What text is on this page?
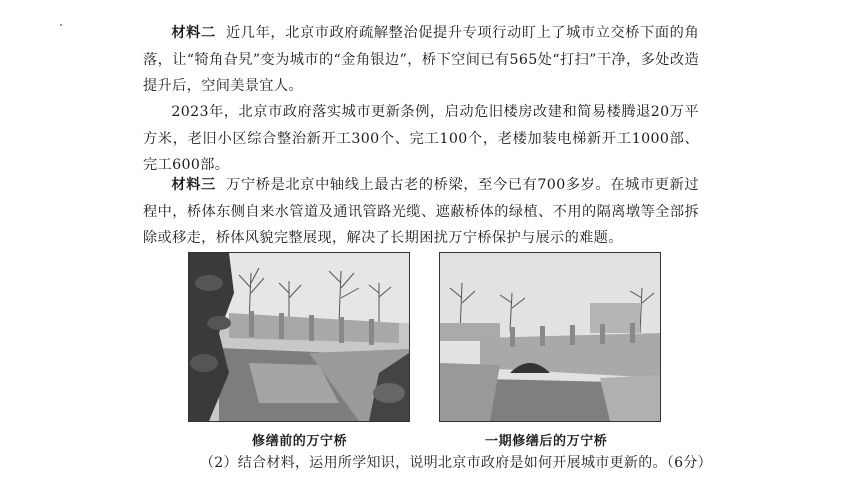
材料二 近几年，北京市政府疏解整治促提升专项行动盯上了城市立交桥下面的角落，让“犄角旮旯”变为城市的“金角银边”，桥下空间已有565处“打扫”干净，多处改造提升后，空间美景宜人。
2023年，北京市政府落实城市更新条例，启动危旧楼房改建和简易楼腾退20万平方米，老旧小区综合整治新开工300个、完工100个，老楼加装电梯新开工1000部、完工600部。
材料三 万宁桥是北京中轴线上最古老的桥梁，至今已有700多岁。在城市更新过程中，桥体东侧自来水管道及通讯管路光缆、遮蔽桥体的绿植、不用的隔离墩等全部拆除或移走，桥体风貌完整展现，解决了长期困扰万宁桥保护与展示的难题。
修缮前的万宁桥	一期修缮后的万宁桥
（2）结合材料，运用所学知识，说明北京市政府是如何开展城市更新的。（6分）
